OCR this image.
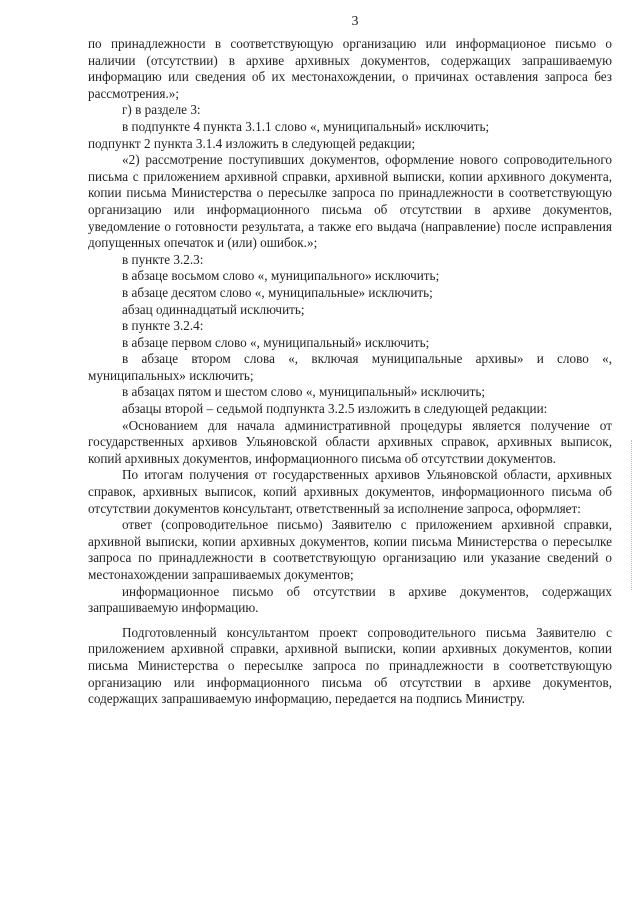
3

по принадлежности в соответствующую организацию или информационое письмо о наличии (отсутствии) в архиве архивных документов, содержащих запрашиваемую информацию или сведения об их местонахождении, о причинах оставления запроса без рассмотрения.»;

г) в разделе 3:

в подпункте 4 пункта 3.1.1 слово «, муниципальный» исключить;

подпункт 2 пункта 3.1.4 изложить в следующей редакции;

«2) рассмотрение поступивших документов, оформление нового сопроводительного письма с приложением архивной справки, архивной выписки, копии архивного документа, копии письма Министерства о пересылке запроса по принадлежности в соответствующую организацию или информационного письма об отсутствии в архиве документов, уведомление о готовности результата, а также его выдача (направление) после исправления допущенных опечаток и (или) ошибок.»;

в пункте 3.2.3:

в абзаце восьмом слово «, муниципального» исключить;

в абзаце десятом слово «, муниципальные» исключить;

абзац одиннадцатый исключить;

в пункте 3.2.4:

в абзаце первом слово «, муниципальный» исключить;

в абзаце втором слова «, включая муниципальные архивы» и слово «, муниципальных» исключить;

в абзацах пятом и шестом слово «, муниципальный» исключить;

абзацы второй – седьмой подпункта 3.2.5 изложить в следующей редакции:

«Основанием для начала административной процедуры является получение от государственных архивов Ульяновской области архивных справок, архивных выписок, копий архивных документов, информационного письма об отсутствии документов.

По итогам получения от государственных архивов Ульяновской области, архивных справок, архивных выписок, копий архивных документов, информационного письма об отсутствии документов консультант, ответственный за исполнение запроса, оформляет:

ответ (сопроводительное письмо) Заявителю с приложением архивной справки, архивной выписки, копии архивных документов, копии письма Министерства о пересылке запроса по принадлежности в соответствующую организацию или указание сведений о местонахождении запрашиваемых документов;

информационное письмо об отсутствии в архиве документов, содержащих запрашиваемую информацию.

Подготовленный консультантом проект сопроводительного письма Заявителю с приложением архивной справки, архивной выписки, копии архивных документов, копии письма Министерства о пересылке запроса по принадлежности в соответствующую организацию или информационного письма об отсутствии в архиве документов, содержащих запрашиваемую информацию, передается на подпись Министру.
